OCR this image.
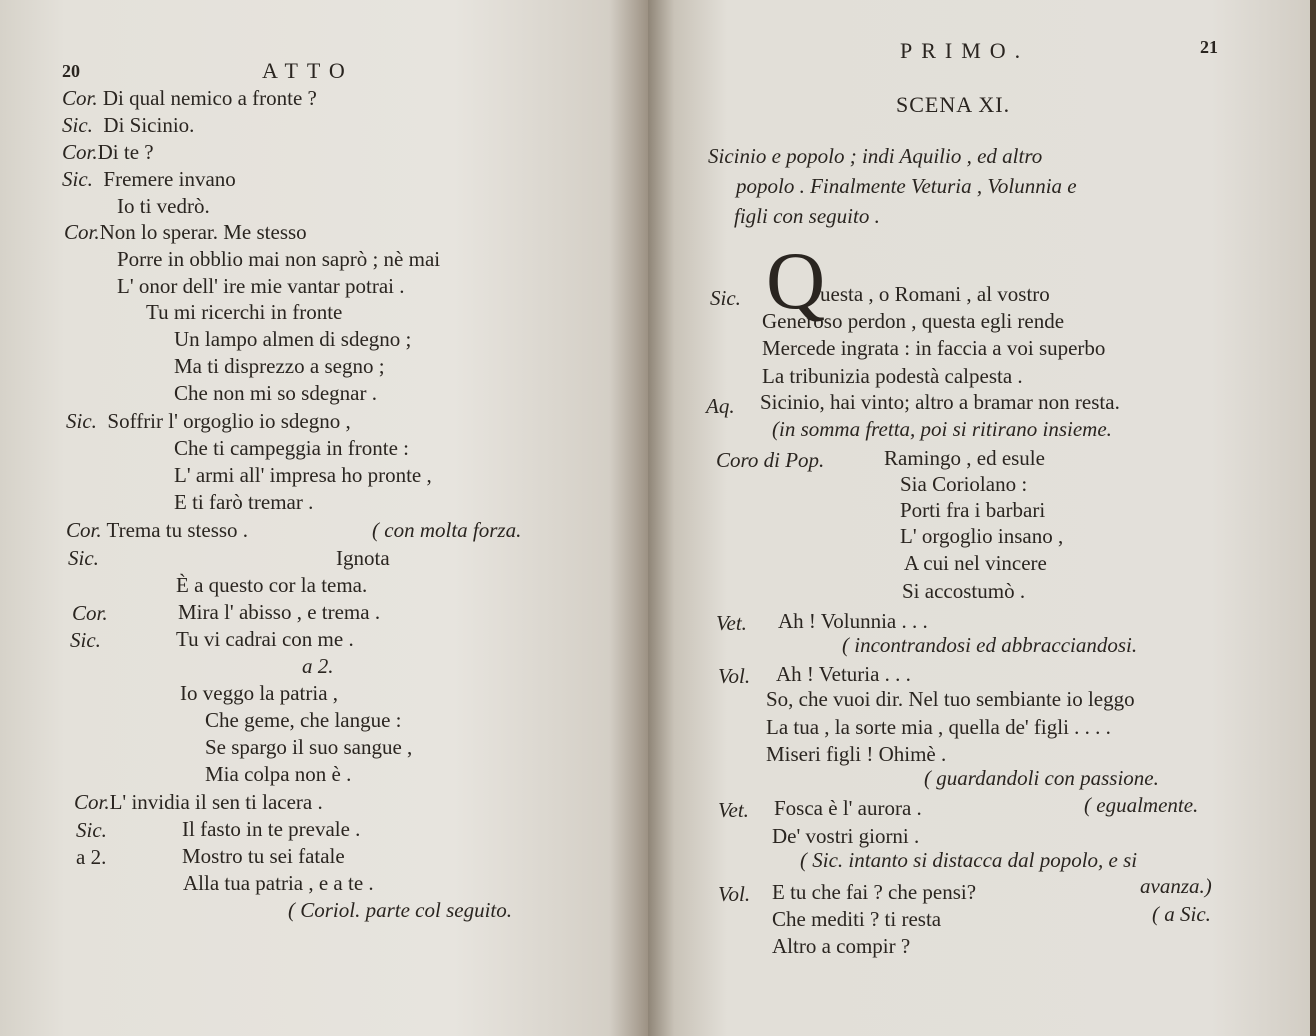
20	ATTO
Cor. Di qual nemico a fronte ?
Sic. Di Sicinio.
Cor.Di te ?
Sic. Fremere invano
Io ti vedrò.
Cor.Non lo sperar. Me stesso
Porre in obblio mai non saprò ; nè mai
L' onor dell' ire mie vantar potrai .
Tu mi ricerchi in fronte
Un lampo almen di sdegno ;
Ma ti disprezzo a segno ;
Che non mi so sdegnar .
Sic. Soffrir l' orgoglio io sdegno ,
Che ti campeggia in fronte :
L' armi all' impresa ho pronte ,
E ti farò tremar .
Cor. Trema tu stesso .	( con molta forza.
Sic.	Ignota
È a questo cor la tema.
Cor.	Mira l' abisso , e trema .
Sic.	Tu vi cadrai con me .
a 2.
Io veggo la patria ,
Che geme, che langue :
Se spargo il suo sangue ,
Mia colpa non è .
Cor.L' invidia il sen ti lacera .
Sic.	Il fasto in te prevale .
a 2.	Mostro tu sei fatale
Alla tua patria , e a te .
( Coriol. parte col seguito.
PRIMO.	21
SCENA XI.
Sicinio e popolo ; indi Aquilio , ed altro
popolo . Finalmente Veturia , Volunnia e
figli con seguito .
Q
Sic.	uesta , o Romani , al vostro
Generoso perdon , questa egli rende
Mercede ingrata : in faccia a voi superbo
La tribunizia podestà calpesta .
Aq. Sicinio, hai vinto; altro a bramar non resta.
(in somma fretta, poi si ritirano insieme.
Coro di Pop.	Ramingo , ed esule
Sia Coriolano :
Porti fra i barbari
L' orgoglio insano ,
A cui nel vincere
Si accostumò .
Vet. Ah ! Volunnia . . .
( incontrandosi ed abbracciandosi.
Vol. Ah ! Veturia . . .
So, che vuoi dir. Nel tuo sembiante io leggo
La tua , la sorte mia , quella de' figli . . . .
Miseri figli ! Ohimè .
( guardandoli con passione.
Vet. Fosca è l' aurora .	( egualmente.
De' vostri giorni .
( Sic. intanto si distacca dal popolo, e si
Vol. E tu che fai ? che pensi?	avanza.)
Che mediti ? ti resta	( a Sic.
Altro a compir ?
